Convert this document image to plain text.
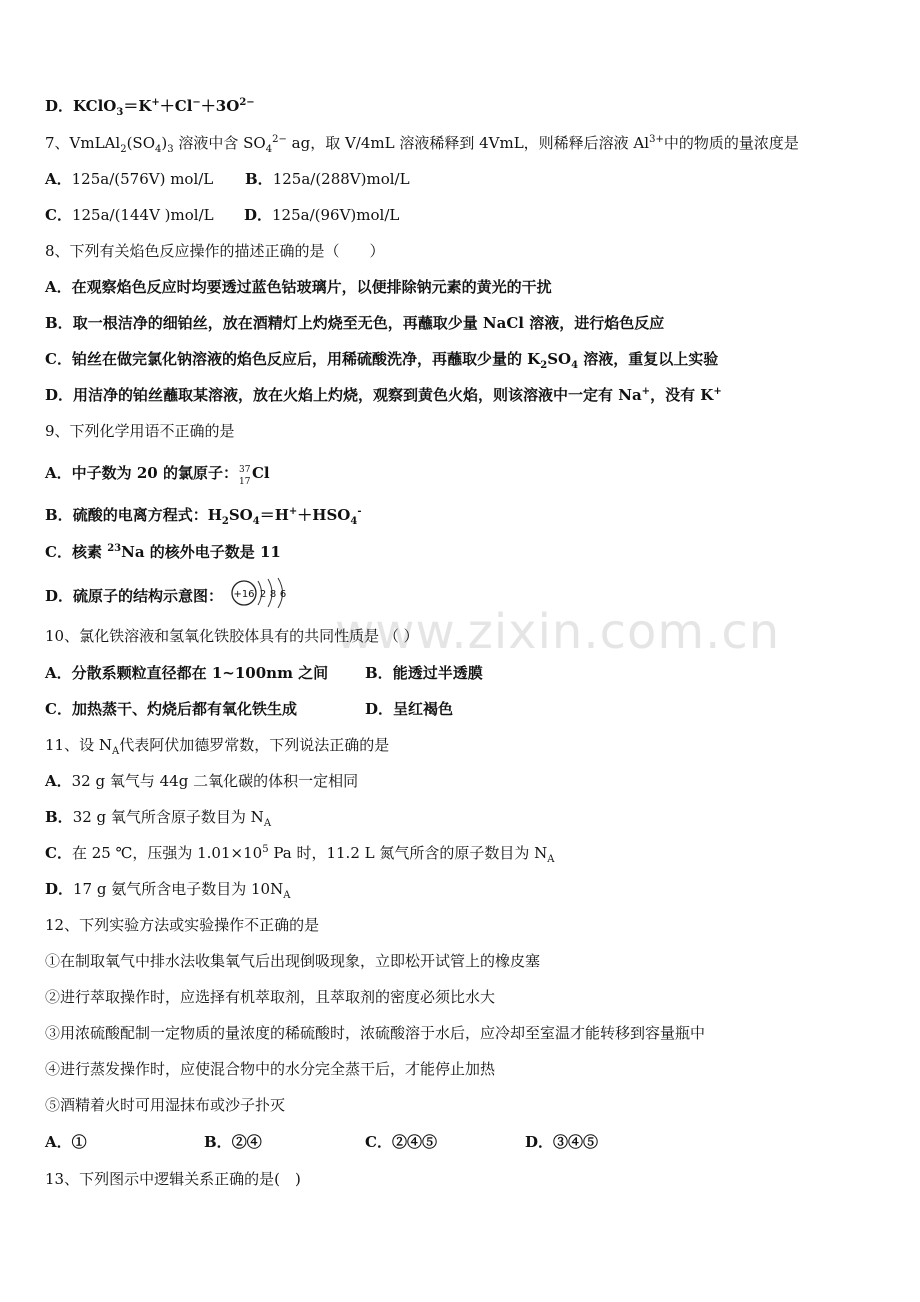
www.zixin.com.cn
D．$KClO_3=K^++Cl^-+3O^{2-}$
7、$VmLAl_2(SO_4)_3$ 溶液中含 $SO_4^{2-}$ ag，取 V/4mL 溶液稀释到 4VmL，则稀释后溶液 $Al^{3+}$中的物质的量浓度是
A．125a/(576V) mol/L B．125a/(288V)mol/L
C．125a/(144V )mol/L D．125a/(96V)mol/L
8、下列有关焰色反应操作的描述正确的是（　　）
A．在观察焰色反应时均要透过蓝色钴玻璃片，以便排除钠元素的黄光的干扰
B．取一根洁净的细铂丝，放在酒精灯上灼烧至无色，再蘸取少量 NaCl 溶液，进行焰色反应
C．铂丝在做完氯化钠溶液的焰色反应后，用稀硫酸洗净，再蘸取少量的 $K_2SO_4$ 溶液，重复以上实验
D．用洁净的铂丝蘸取某溶液，放在火焰上灼烧，观察到黄色火焰，则该溶液中一定有 Na+，没有 K+
9、下列化学用语不正确的是
A．中子数为 20 的氯原子： 37
17 Cl
B．硫酸的电离方程式：$H_2SO_4=H^++HSO_4^-$
C．核素 $^{23}$Na 的核外电子数是 11
D．硫原子的结构示意图： +16 2 8 6
10、氯化铁溶液和氢氧化铁胶体具有的共同性质是 （ ）
A．分散系颗粒直径都在 1~100nm 之间 B．能透过半透膜
C．加热蒸干、灼烧后都有氧化铁生成	D．呈红褐色
11、设 $N_A$代表阿伏加德罗常数，下列说法正确的是
A．32 g 氧气与 44g 二氧化碳的体积一定相同
B．32 g 氧气所含原子数目为 $N_A$
C．在 25 ℃，压强为 $1.01\times 10^5$ Pa 时，11.2 L 氮气所含的原子数目为 $N_A$
D．17 g 氨气所含电子数目为 $10N_A$
12、下列实验方法或实验操作不正确的是
①在制取氧气中排水法收集氧气后出现倒吸现象，立即松开试管上的橡皮塞
②进行萃取操作时，应选择有机萃取剂，且萃取剂的密度必须比水大
③用浓硫酸配制一定物质的量浓度的稀硫酸时，浓硫酸溶于水后，应冷却至室温才能转移到容量瓶中
④进行蒸发操作时，应使混合物中的水分完全蒸干后，才能停止加热
⑤酒精着火时可用湿抹布或沙子扑灭
A．①	B．②④	C．②④⑤	D．③④⑤
13、下列图示中逻辑关系正确的是(　)
